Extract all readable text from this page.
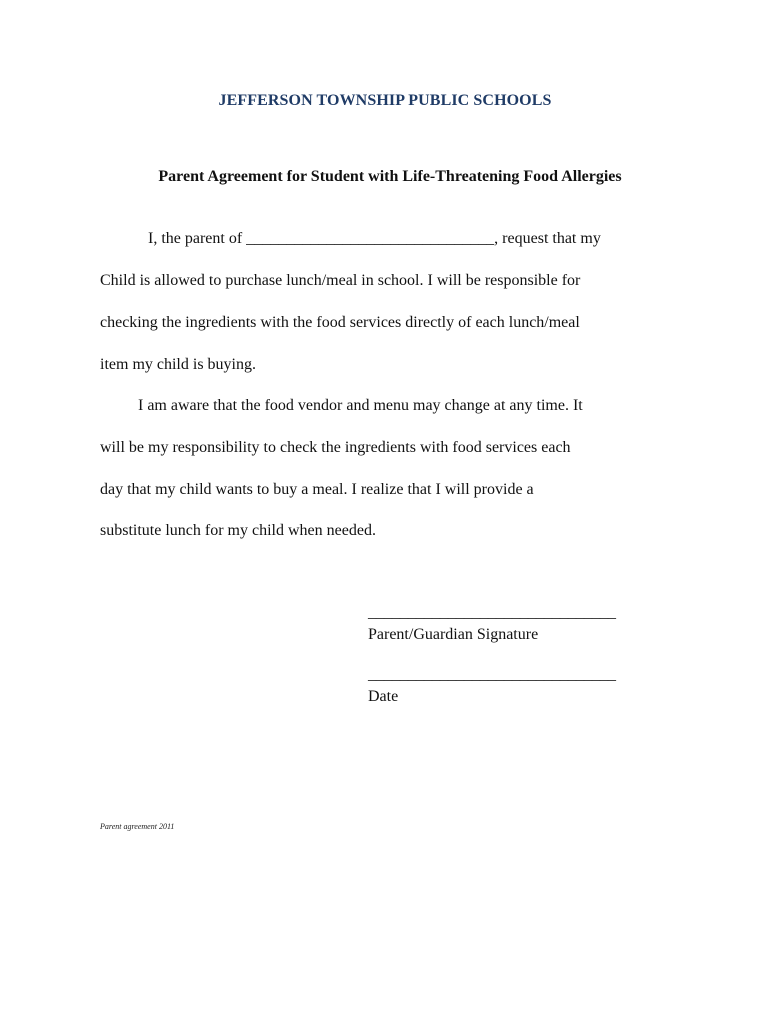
JEFFERSON TOWNSHIP PUBLIC SCHOOLS
Parent Agreement for Student with Life-Threatening Food Allergies
I, the parent of _______________________________, request that my
Child is allowed to purchase lunch/meal in school. I will be responsible for
checking the ingredients with the food services directly of each lunch/meal
item my child is buying.
I am aware that the food vendor and menu may change at any time. It
will be my responsibility to check the ingredients with food services each
day that my child wants to buy a meal. I realize that I will provide a
substitute lunch for my child when needed.
_______________________________
Parent/Guardian Signature
_______________________________
Date
Parent agreement 2011
